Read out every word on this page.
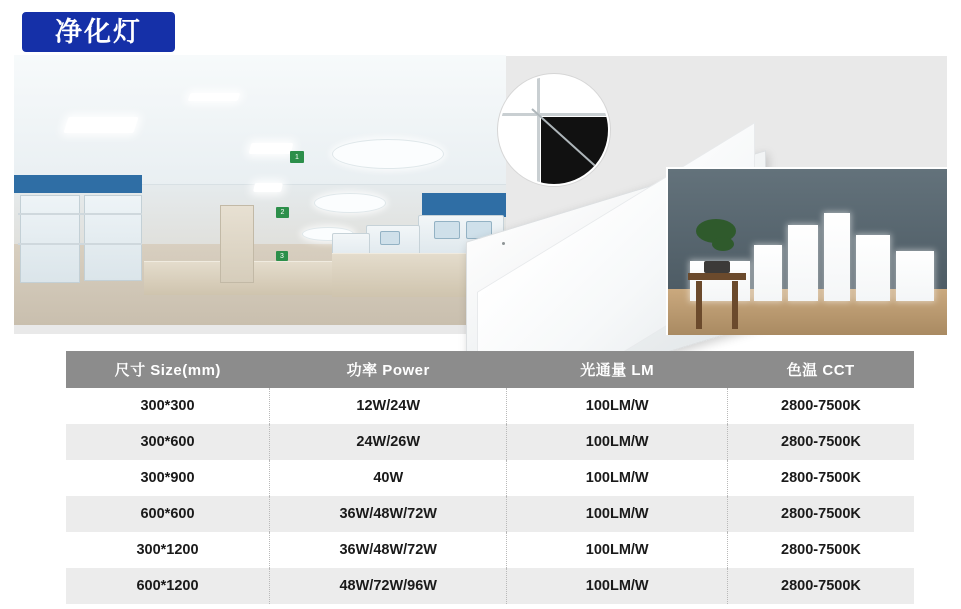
净化灯
1
2
3
尺寸 Size(mm)	功率 Power	光通量 LM	色温 CCT
300*300	12W/24W	100LM/W	2800-7500K
300*600	24W/26W	100LM/W	2800-7500K
300*900	40W	100LM/W	2800-7500K
600*600	36W/48W/72W	100LM/W	2800-7500K
300*1200	36W/48W/72W	100LM/W	2800-7500K
600*1200	48W/72W/96W	100LM/W	2800-7500K
